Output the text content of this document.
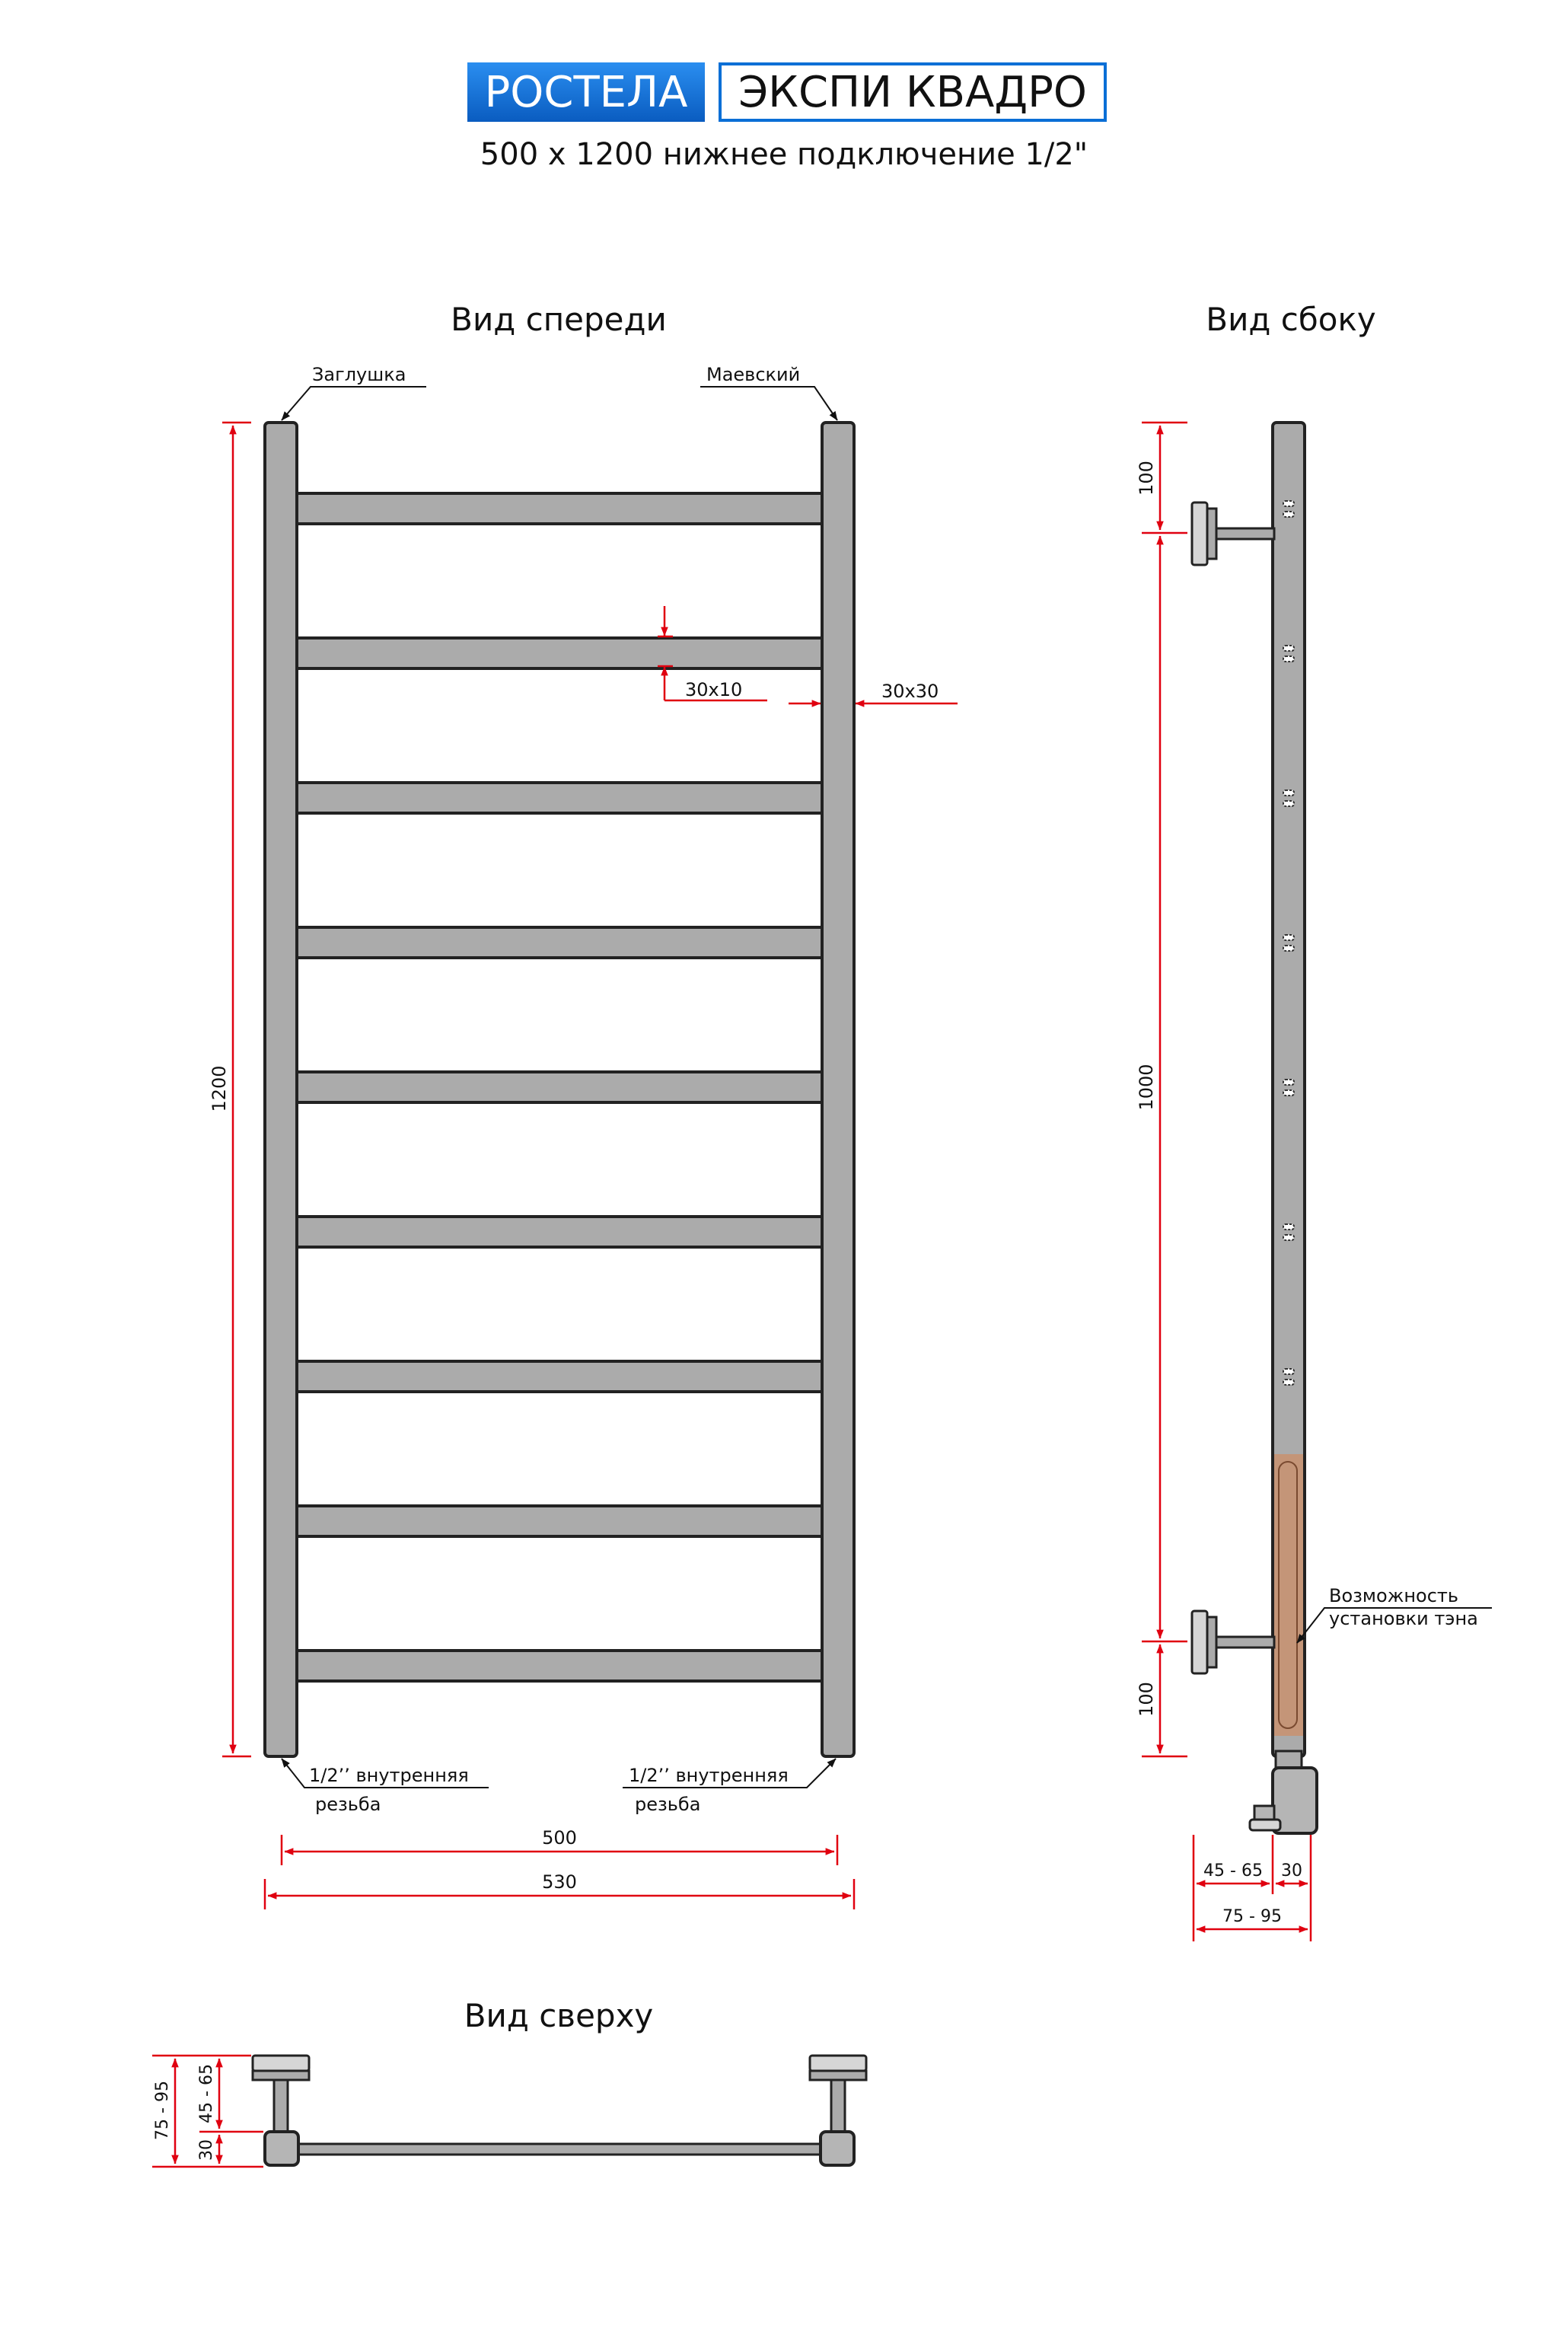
РОСТЕЛА ЭКСПИ КВАДРО
500 x 1200 нижнее подключение 1/2"
Вид спереди
Заглушка	Маевский
1200
30x10	30x30
1/2’’ внутренняя
резьба
1/2’’ внутренняя
резьба
500
530
Вид сбоку
100
1000
100
Возможность
установки тэна
45 - 65 30
75 - 95
Вид сверху
75 - 95 45 - 65
30
